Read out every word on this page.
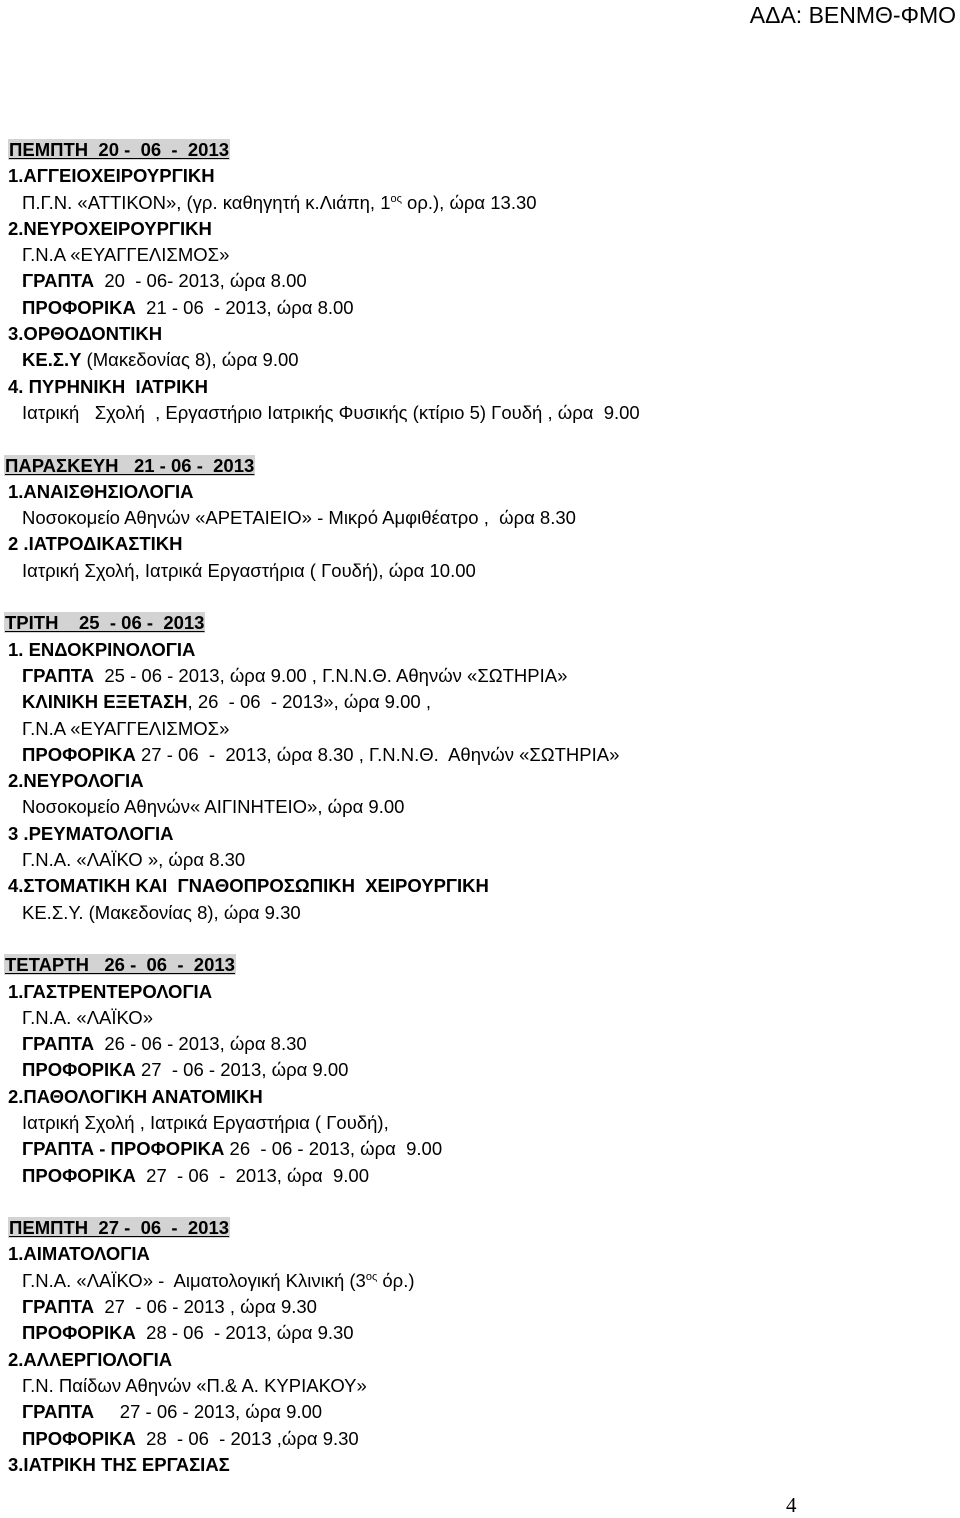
ΑΔΑ: ΒΕΝΜΘ-ΦΜΟ
ΠΕΜΠΤΗ  20 -  06  -  2013
1.ΑΓΓΕΙΟΧΕΙΡΟΥΡΓΙΚΗ
Π.Γ.Ν. «ΑΤΤΙΚΟΝ», (γρ. καθηγητή κ.Λιάπη, $1^{o\varsigma}$ ορ.), ώρα 13.30
2.ΝΕΥΡΟΧΕΙΡΟΥΡΓΙΚΗ
Γ.Ν.Α «ΕΥΑΓΓΕΛΙΣΜΟΣ»
ΓΡΑΠΤΑ  20  - 06- 2013, ώρα 8.00
ΠΡΟΦΟΡΙΚΑ  21 - 06  - 2013, ώρα 8.00
3.ΟΡΘΟΔΟΝΤΙΚΗ
ΚΕ.Σ.Υ (Μακεδονίας 8), ώρα 9.00
4. ΠΥΡΗΝΙΚΗ  ΙΑΤΡΙΚΗ
Ιατρική   Σχολή  , Εργαστήριο Ιατρικής Φυσικής (κτίριο 5) Γουδή , ώρα  9.00
ΠΑΡΑΣΚΕΥΗ   21 - 06 -  2013
1.ΑΝΑΙΣΘΗΣΙΟΛΟΓΙΑ
Νοσοκομείο Αθηνών «ΑΡΕΤΑΙΕΙΟ» - Μικρό Αμφιθέατρο ,  ώρα 8.30
2 .ΙΑΤΡΟΔΙΚΑΣΤΙΚΗ
Ιατρική Σχολή, Ιατρικά Εργαστήρια ( Γουδή), ώρα 10.00
ΤΡΙΤΗ    25  - 06 -  2013
1. ΕΝΔΟΚΡΙΝΟΛΟΓΙΑ
ΓΡΑΠΤΑ  25 - 06 - 2013, ώρα 9.00 , Γ.Ν.Ν.Θ. Αθηνών «ΣΩΤΗΡΙΑ»
ΚΛΙΝΙΚΗ ΕΞΕΤΑΣΗ, 26  - 06  - 2013», ώρα 9.00 ,
Γ.Ν.Α «ΕΥΑΓΓΕΛΙΣΜΟΣ»
ΠΡΟΦΟΡΙΚΑ 27 - 06  -  2013, ώρα 8.30 , Γ.Ν.Ν.Θ.  Αθηνών «ΣΩΤΗΡΙΑ»
2.ΝΕΥΡΟΛΟΓΙΑ
Νοσοκομείο Αθηνών« ΑΙΓΙΝΗΤΕΙΟ», ώρα 9.00
3 .ΡΕΥΜΑΤΟΛΟΓΙΑ
Γ.Ν.Α. «ΛΑΪΚΟ », ώρα 8.30
4.ΣΤΟΜΑΤΙΚΗ ΚΑΙ  ΓΝΑΘΟΠΡΟΣΩΠΙΚΗ  ΧΕΙΡΟΥΡΓΙΚΗ
ΚΕ.Σ.Υ. (Μακεδονίας 8), ώρα 9.30
ΤΕΤΑΡΤΗ   26 -  06  -  2013
1.ΓΑΣΤΡΕΝΤΕΡΟΛΟΓΙΑ
Γ.Ν.Α. «ΛΑΪΚΟ»
ΓΡΑΠΤΑ  26 - 06 - 2013, ώρα 8.30
ΠΡΟΦΟΡΙΚΑ 27  - 06 - 2013, ώρα 9.00
2.ΠΑΘΟΛΟΓΙΚΗ ΑΝΑΤΟΜΙΚΗ
Ιατρική Σχολή , Ιατρικά Εργαστήρια ( Γουδή),
ΓΡΑΠΤΑ - ΠΡΟΦΟΡΙΚΑ 26  - 06 - 2013, ώρα  9.00
ΠΡΟΦΟΡΙΚΑ  27  - 06  -  2013, ώρα  9.00
ΠΕΜΠΤΗ  27 -  06  -  2013
1.ΑΙΜΑΤΟΛΟΓΙΑ
Γ.Ν.Α. «ΛΑΪΚΟ» -  Αιματολογική Κλινική ($3^{o\varsigma}$ όρ.)
ΓΡΑΠΤΑ  27  - 06 - 2013 , ώρα 9.30
ΠΡΟΦΟΡΙΚΑ  28 - 06  - 2013, ώρα 9.30
2.ΑΛΛΕΡΓΙΟΛΟΓΙΑ
Γ.Ν. Παίδων Αθηνών «Π.& Α. ΚΥΡΙΑΚΟΥ»
ΓΡΑΠΤΑ     27 - 06 - 2013, ώρα 9.00
ΠΡΟΦΟΡΙΚΑ  28  - 06  - 2013 ,ώρα 9.30
3.ΙΑΤΡΙΚΗ ΤΗΣ ΕΡΓΑΣΙΑΣ
4
